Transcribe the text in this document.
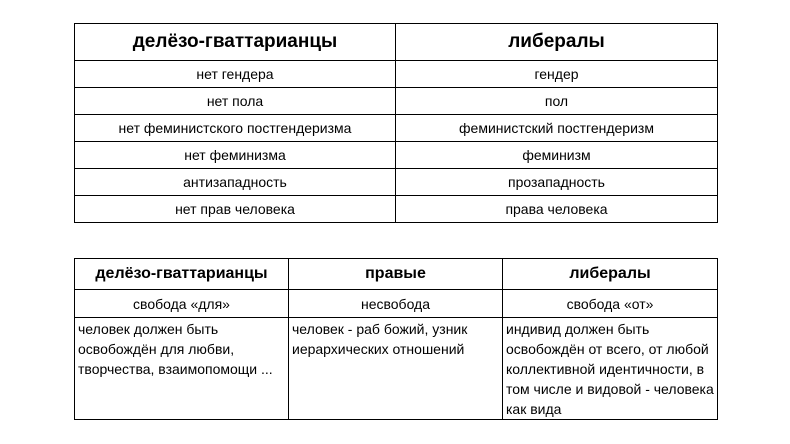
делёзо-гваттарианцы	либералы
нет гендера	гендер
нет пола	пол
нет феминистского постгендеризма	феминистский постгендеризм
нет феминизма	феминизм
антизападность	прозападность
нет прав человека	права человека
делёзо-гваттарианцы	правые	либералы
свобода «для»	несвобода	свобода «от»
человек должен быть освобождён для любви, творчества, взаимопомощи ...	человек - раб божий, узник иерархических отношений	индивид должен быть освобождён от всего, от любой коллективной идентичности, в том числе и видовой - человека как вида
